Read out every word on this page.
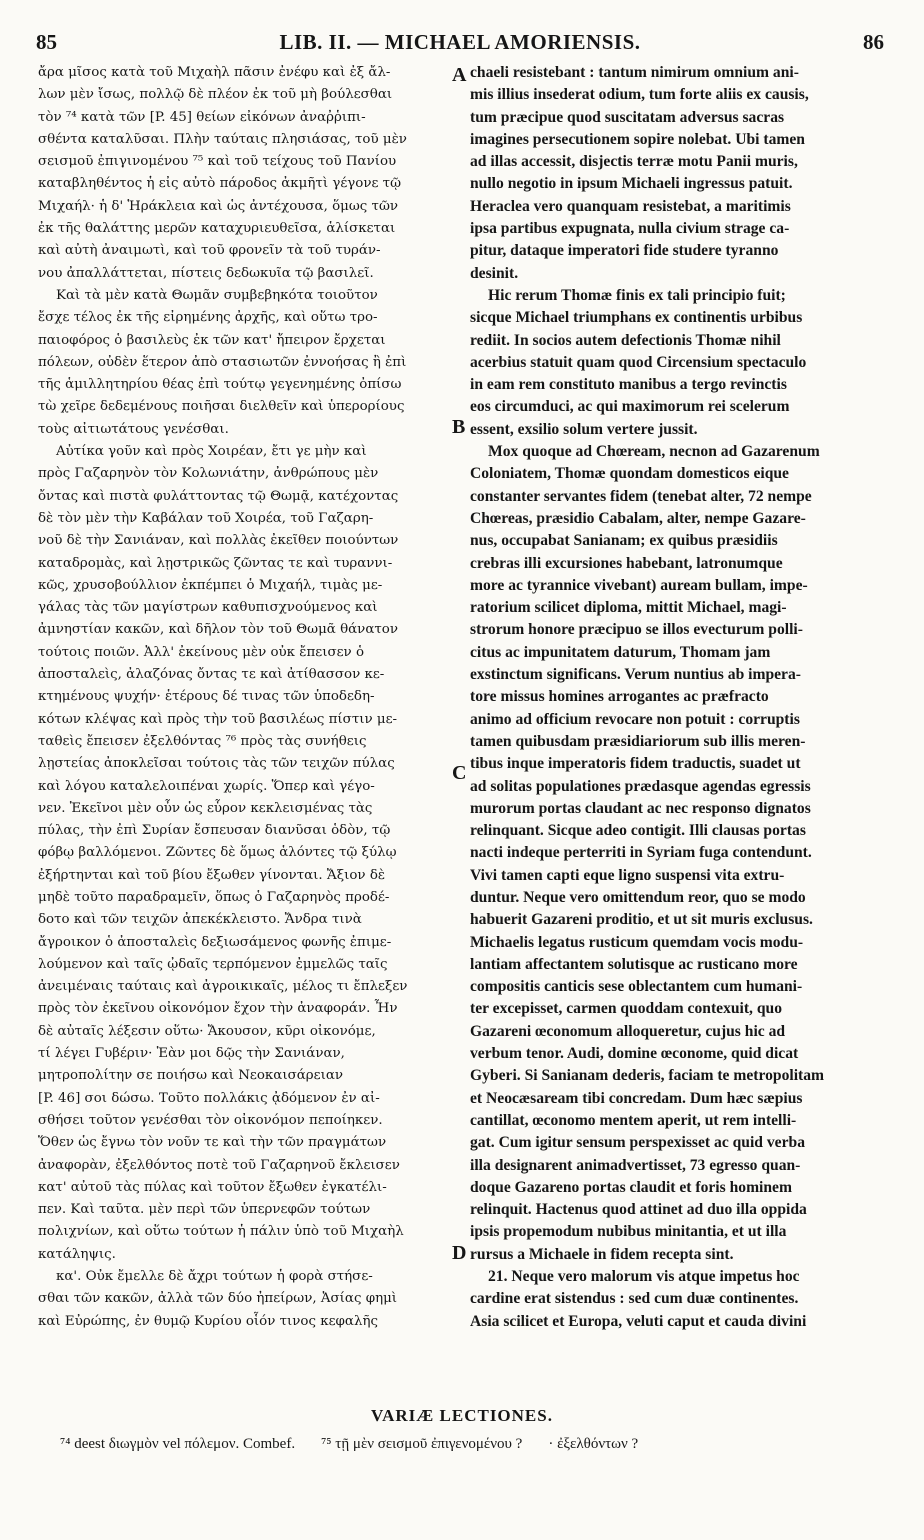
85	LIB. II. — MICHAEL AMORIENSIS.	86
ἄρα μῖσος κατὰ τοῦ Μιχαὴλ πᾶσιν ἐνέφυ καὶ ἐξ ἄλ-
λων μὲν ἴσως, πολλῷ δὲ πλέον ἐκ τοῦ μὴ βούλεσθαι
τὸν ⁷⁴ κατὰ τῶν [P. 45] θείων εἰκόνων ἀναῤῥιπι-
σθέντα καταλῦσαι. Πλὴν ταύταις πλησιάσας, τοῦ μὲν
σεισμοῦ ἐπιγινομένου ⁷⁵ καὶ τοῦ τείχους τοῦ Πανίου
καταβληθέντος ἡ εἰς αὐτὸ πάροδος ἀκμῆτὶ γέγονε τῷ
Μιχαήλ· ἡ δ' Ἡράκλεια καὶ ὡς ἀντέχουσα, ὅμως τῶν
ἐκ τῆς θαλάττης μερῶν καταχυριευθεῖσα, ἁλίσκεται
καὶ αὐτὴ ἀναιμωτὶ, καὶ τοῦ φρονεῖν τὰ τοῦ τυράν-
νου ἀπαλλάττεται, πίστεις δεδωκυῖα τῷ βασιλεῖ.
Καὶ τὰ μὲν κατὰ Θωμᾶν συμβεβηκότα τοιοῦτον
ἔσχε τέλος ἐκ τῆς εἰρημένης ἀρχῆς, καὶ οὕτω τρο-
παιοφόρος ὁ βασιλεὺς ἐκ τῶν κατ' ἤπειρον ἔρχεται
πόλεων, οὐδὲν ἕτερον ἀπὸ στασιωτῶν ἐννοήσας ἢ ἐπὶ
τῆς ἁμιλλητηρίου θέας ἐπὶ τούτῳ γεγενημένης ὀπίσω
τὼ χεῖρε δεδεμένους ποιῆσαι διελθεῖν καὶ ὑπερορίους
τοὺς αἰτιωτάτους γενέσθαι.
Αὐτίκα γοῦν καὶ πρὸς Χοιρέαν, ἔτι γε μὴν καὶ
πρὸς Γαζαρηνὸν τὸν Κολωνιάτην, ἀνθρώπους μὲν
ὄντας καὶ πιστὰ φυλάττοντας τῷ Θωμᾷ, κατέχοντας
δὲ τὸν μὲν τὴν Καβάλαν τοῦ Χοιρέα, τοῦ Γαζαρη-
νοῦ δὲ τὴν Σανιάναν, καὶ πολλὰς ἐκεῖθεν ποιούντων
καταδρομὰς, καὶ λῃστρικῶς ζῶντας τε καὶ τυραννι-
κῶς, χρυσοβούλλιον ἐκπέμπει ὁ Μιχαήλ, τιμὰς με-
γάλας τὰς τῶν μαγίστρων καθυπισχνούμενος καὶ
ἀμνηστίαν κακῶν, καὶ δῆλον τὸν τοῦ Θωμᾶ θάνατον
τούτοις ποιῶν. Ἀλλ' ἐκείνους μὲν οὐκ ἔπεισεν ὁ
ἀποσταλεὶς, ἀλαζόνας ὄντας τε καὶ ἀτίθασσον κε-
κτημένους ψυχήν· ἑτέρους δέ τινας τῶν ὑποδεδη-
κότων κλέψας καὶ πρὸς τὴν τοῦ βασιλέως πίστιν με-
ταθεὶς ἔπεισεν ἐξελθόντας ⁷⁶ πρὸς τὰς συνήθεις
λῃστείας ἀποκλεῖσαι τούτοις τὰς τῶν τειχῶν πύλας
καὶ λόγου καταλελοιπέναι χωρίς. Ὅπερ καὶ γέγο-
νεν. Ἐκεῖνοι μὲν οὖν ὡς εὗρον κεκλεισμένας τὰς
πύλας, τὴν ἐπὶ Συρίαν ἔσπευσαν διανῦσαι ὁδὸν, τῷ
φόβῳ βαλλόμενοι. Ζῶντες δὲ ὅμως ἁλόντες τῷ ξύλῳ
ἐξήρτηνται καὶ τοῦ βίου ἔξωθεν γίνονται. Ἄξιον δὲ
μηδὲ τοῦτο παραδραμεῖν, ὅπως ὁ Γαζαρηνὸς προδέ-
δοτο καὶ τῶν τειχῶν ἀπεκέκλειστο. Ἄνδρα τινὰ
ἄγροικον ὁ ἀποσταλεὶς δεξιωσάμενος φωνῆς ἐπιμε-
λούμενον καὶ ταῖς ᾠδαῖς τερπόμενον ἐμμελῶς ταῖς
ἀνειμέναις ταύταις καὶ ἀγροικικαῖς, μέλος τι ἔπλεξεν
πρὸς τὸν ἐκεῖνου οἰκονόμον ἔχον τὴν ἀναφοράν. Ἦν
δὲ αὐταῖς λέξεσιν οὕτω· Ἄκουσον, κῦρι οἰκονόμε,
τί λέγει Γυβέριν· Ἐὰν μοι δῷς τὴν Σανιάναν,
μητροπολίτην σε ποιήσω καὶ Νεοκαισάρειαν
[P. 46] σοι δώσω. Τοῦτο πολλάκις ᾀδόμενον ἐν αἰ-
σθήσει τοῦτον γενέσθαι τὸν οἰκονόμον πεποίηκεν.
Ὅθεν ὡς ἔγνω τὸν νοῦν τε καὶ τὴν τῶν πραγμάτων
ἀναφορὰν, ἐξελθόντος ποτὲ τοῦ Γαζαρηνοῦ ἔκλεισεν
κατ' αὐτοῦ τὰς πύλας καὶ τοῦτον ἔξωθεν ἐγκατέλι-
πεν. Καὶ ταῦτα. μὲν περὶ τῶν ὑπερνεφῶν τούτων
πολιχνίων, καὶ οὕτω τούτων ἡ πάλιν ὑπὸ τοῦ Μιχαὴλ
κατάληψις.
κα'. Οὐκ ἔμελλε δὲ ἄχρι τούτων ἡ φορὰ στήσε-
σθαι τῶν κακῶν, ἀλλὰ τῶν δύο ἠπείρων, Ἀσίας φημὶ
καὶ Εὐρώπης, ἐν θυμῷ Κυρίου οἷόν τινος κεφαλῆς
chaeli resistebant : tantum nimirum omnium ani-
mis illius insederat odium, tum forte aliis ex causis,
tum præcipue quod suscitatam adversus sacras
imagines persecutionem sopire nolebat. Ubi tamen
ad illas accessit, disjectis terræ motu Panii muris,
nullo negotio in ipsum Michaeli ingressus patuit.
Heraclea vero quanquam resistebat, a maritimis
ipsa partibus expugnata, nulla civium strage ca-
pitur, dataque imperatori fide studere tyranno
desinit.
Hic rerum Thomæ finis ex tali principio fuit;
sicque Michael triumphans ex continentis urbibus
rediit. In socios autem defectionis Thomæ nihil
acerbius statuit quam quod Circensium spectaculo
in eam rem constituto manibus a tergo revinctis
eos circumduci, ac qui maximorum rei scelerum
essent, exsilio solum vertere jussit.
Mox quoque ad Chœream, necnon ad Gazarenum
Coloniatem, Thomæ quondam domesticos eique
constanter servantes fidem (tenebat alter, 72 nempe
Chœreas, præsidio Cabalam, alter, nempe Gazare-
nus, occupabat Sanianam; ex quibus præsidiis
crebras illi excursiones habebant, latronumque
more ac tyrannice vivebant) auream bullam, impe-
ratorium scilicet diploma, mittit Michael, magi-
strorum honore præcipuo se illos evecturum polli-
citus ac impunitatem daturum, Thomam jam
exstinctum significans. Verum nuntius ab impera-
tore missus homines arrogantes ac præfracto
animo ad officium revocare non potuit : corruptis
tamen quibusdam præsidiariorum sub illis meren-
tibus inque imperatoris fidem traductis, suadet ut
ad solitas populationes prædasque agendas egressis
murorum portas claudant ac nec responso dignatos
relinquant. Sicque adeo contigit. Illi clausas portas
nacti indeque perterriti in Syriam fuga contendunt.
Vivi tamen capti eque ligno suspensi vita extru-
duntur. Neque vero omittendum reor, quo se modo
habuerit Gazareni proditio, et ut sit muris exclusus.
Michaelis legatus rusticum quemdam vocis modu-
lantiam affectantem solutisque ac rusticano more
compositis canticis sese oblectantem cum humani-
ter excepisset, carmen quoddam contexuit, quo
Gazareni œconomum alloqueretur, cujus hic ad
verbum tenor. Audi, domine œconome, quid dicat
Gyberi. Si Sanianam dederis, faciam te metropolitam
et Neocæsaream tibi concredam. Dum hæc sæpius
cantillat, œconomo mentem aperit, ut rem intelli-
gat. Cum igitur sensum perspexisset ac quid verba
illa designarent animadvertisset, 73 egresso quan-
doque Gazareno portas claudit et foris hominem
relinquit. Hactenus quod attinet ad duo illa oppida
ipsis propemodum nubibus minitantia, et ut illa
rursus a Michaele in fidem recepta sint.
21. Neque vero malorum vis atque impetus hoc
cardine erat sistendus : sed cum duæ continentes.
Asia scilicet et Europa, veluti caput et cauda divini
A
B
C
D
VARIÆ LECTIONES.
⁷⁴ deest διωγμὸν vel πόλεμον. Combef. ⁷⁵ τῇ μὲν σεισμοῦ ἐπιγενομένου ? · ἐξελθόντων ?
